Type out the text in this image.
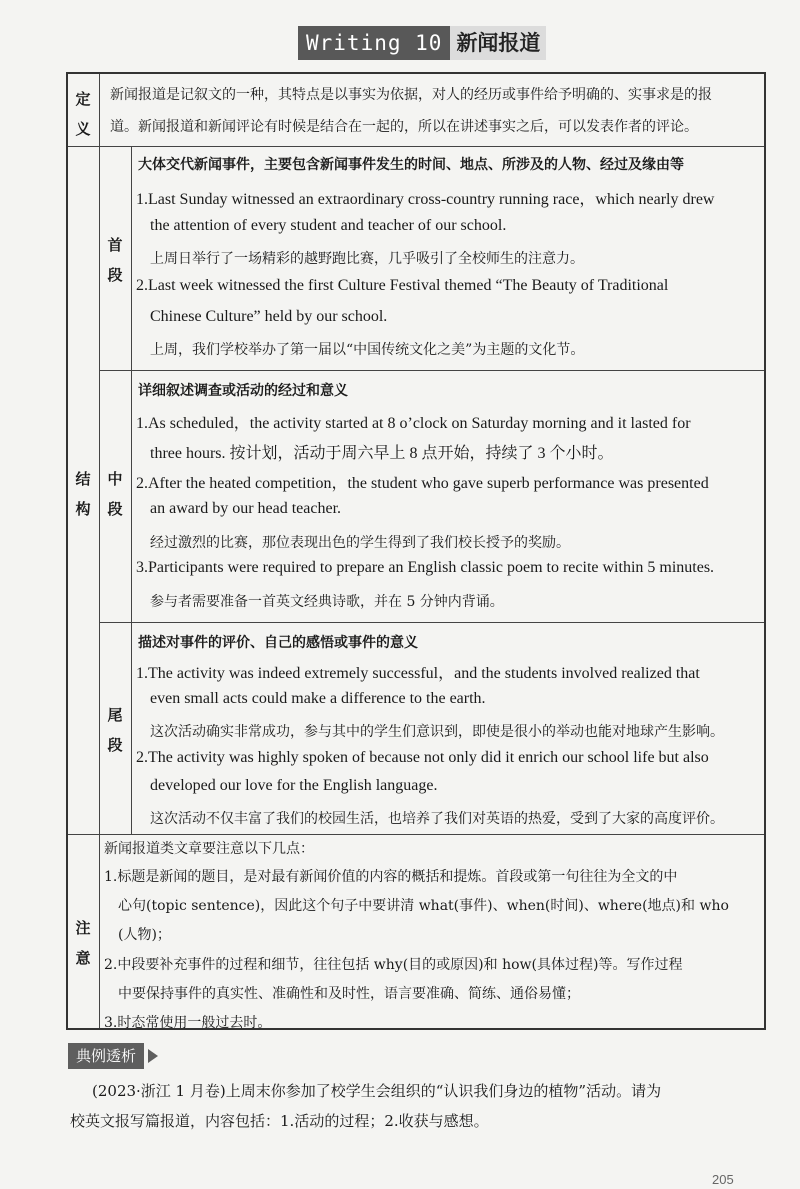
Writing 10 新闻报道
定
义
新闻报道是记叙文的一种，其特点是以事实为依据，对人的经历或事件给予明确的、实事求是的报
道。新闻报道和新闻评论有时候是结合在一起的，所以在讲述事实之后，可以发表作者的评论。
结
构
首
段
大体交代新闻事件，主要包含新闻事件发生的时间、地点、所涉及的人物、经过及缘由等
1.Last Sunday witnessed an extraordinary cross-country running race，which nearly drew
the attention of every student and teacher of our school.
上周日举行了一场精彩的越野跑比赛，几乎吸引了全校师生的注意力。
2.Last week witnessed the first Culture Festival themed “The Beauty of Traditional
Chinese Culture” held by our school.
上周，我们学校举办了第一届以“中国传统文化之美”为主题的文化节。
中
段
详细叙述调查或活动的经过和意义
1.As scheduled，the activity started at 8 o’clock on Saturday morning and it lasted for
three hours. 按计划，活动于周六早上 8 点开始，持续了 3 个小时。
2.After the heated competition，the student who gave superb performance was presented
an award by our head teacher.
经过激烈的比赛，那位表现出色的学生得到了我们校长授予的奖励。
3.Participants were required to prepare an English classic poem to recite within 5 minutes.
参与者需要准备一首英文经典诗歌，并在 5 分钟内背诵。
尾
段
描述对事件的评价、自己的感悟或事件的意义
1.The activity was indeed extremely successful，and the students involved realized that
even small acts could make a difference to the earth.
这次活动确实非常成功，参与其中的学生们意识到，即使是很小的举动也能对地球产生影响。
2.The activity was highly spoken of because not only did it enrich our school life but also
developed our love for the English language.
这次活动不仅丰富了我们的校园生活，也培养了我们对英语的热爱，受到了大家的高度评价。
注
意
新闻报道类文章要注意以下几点：
1.标题是新闻的题目，是对最有新闻价值的内容的概括和提炼。首段或第一句往往为全文的中
心句(topic sentence)，因此这个句子中要讲清 what(事件)、when(时间)、where(地点)和 who
(人物)；
2.中段要补充事件的过程和细节，往往包括 why(目的或原因)和 how(具体过程)等。写作过程
中要保持事件的真实性、准确性和及时性，语言要准确、简练、通俗易懂；
3.时态常使用一般过去时。
典例透析
(2023·浙江 1 月卷)上周末你参加了校学生会组织的“认识我们身边的植物”活动。请为
校英文报写篇报道，内容包括：1.活动的过程；2.收获与感想。
205
